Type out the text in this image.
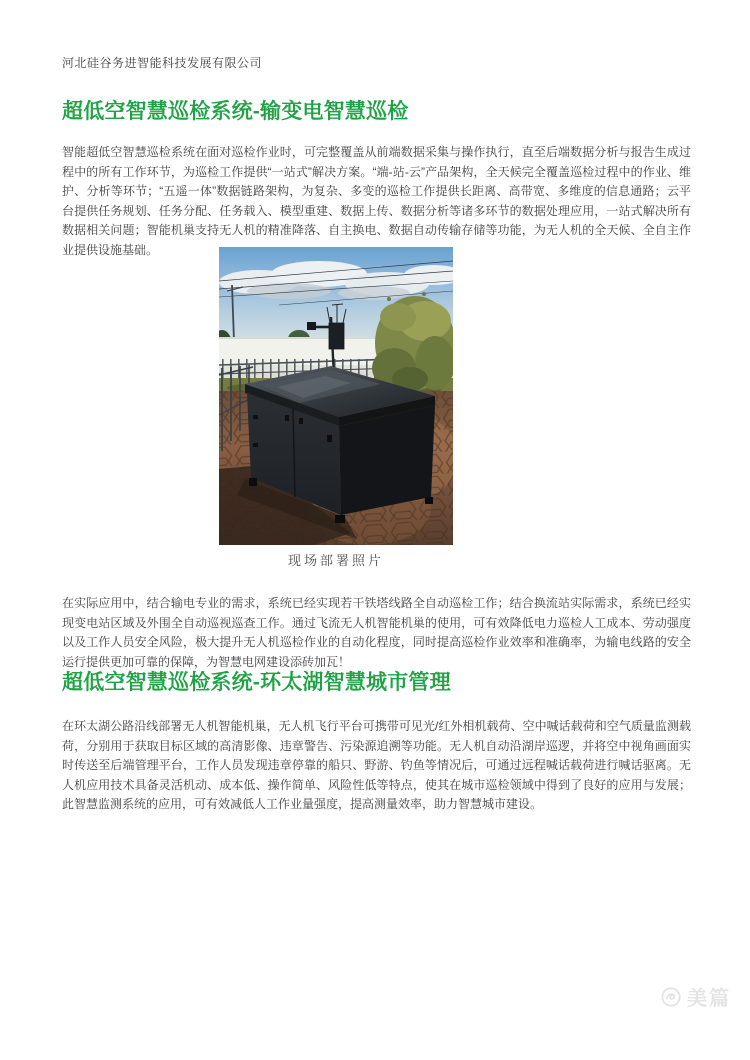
河北硅谷务进智能科技发展有限公司
超低空智慧巡检系统-输变电智慧巡检

智能超低空智慧巡检系统在面对巡检作业时，可完整覆盖从前端数据采集与操作执行，直至后端数据分析与报告生成过程中的所有工作环节，为巡检工作提供“一站式”解决方案。“端-站-云”产品架构，全天候完全覆盖巡检过程中的作业、维护、分析等环节；“五遥一体”数据链路架构，为复杂、多变的巡检工作提供长距离、高带宽、多维度的信息通路；云平台提供任务规划、任务分配、任务载入、模型重建、数据上传、数据分析等诸多环节的数据处理应用，一站式解决所有数据相关问题；智能机巢支持无人机的精准降落、自主换电、数据自动传输存储等功能，为无人机的全天候、全自主作业提供设施基础。

现场部署照片

在实际应用中，结合输电专业的需求，系统已经实现若干铁塔线路全自动巡检工作；结合换流站实际需求，系统已经实现变电站区域及外围全自动巡视巡查工作。通过飞流无人机智能机巢的使用，可有效降低电力巡检人工成本、劳动强度以及工作人员安全风险，极大提升无人机巡检作业的自动化程度，同时提高巡检作业效率和准确率，为输电线路的安全运行提供更加可靠的保障，为智慧电网建设添砖加瓦！

超低空智慧巡检系统-环太湖智慧城市管理

在环太湖公路沿线部署无人机智能机巢，无人机飞行平台可携带可见光/红外相机载荷、空中喊话载荷和空气质量监测载荷，分别用于获取目标区域的高清影像、违章警告、污染源追溯等功能。无人机自动沿湖岸巡逻，并将空中视角画面实时传送至后端管理平台，工作人员发现违章停靠的船只、野游、钓鱼等情况后，可通过远程喊话载荷进行喊话驱离。无人机应用技术具备灵活机动、成本低、操作简单、风险性低等特点，使其在城市巡检领域中得到了良好的应用与发展；此智慧监测系统的应用，可有效减低人工作业量强度，提高测量效率，助力智慧城市建设。

美篇
